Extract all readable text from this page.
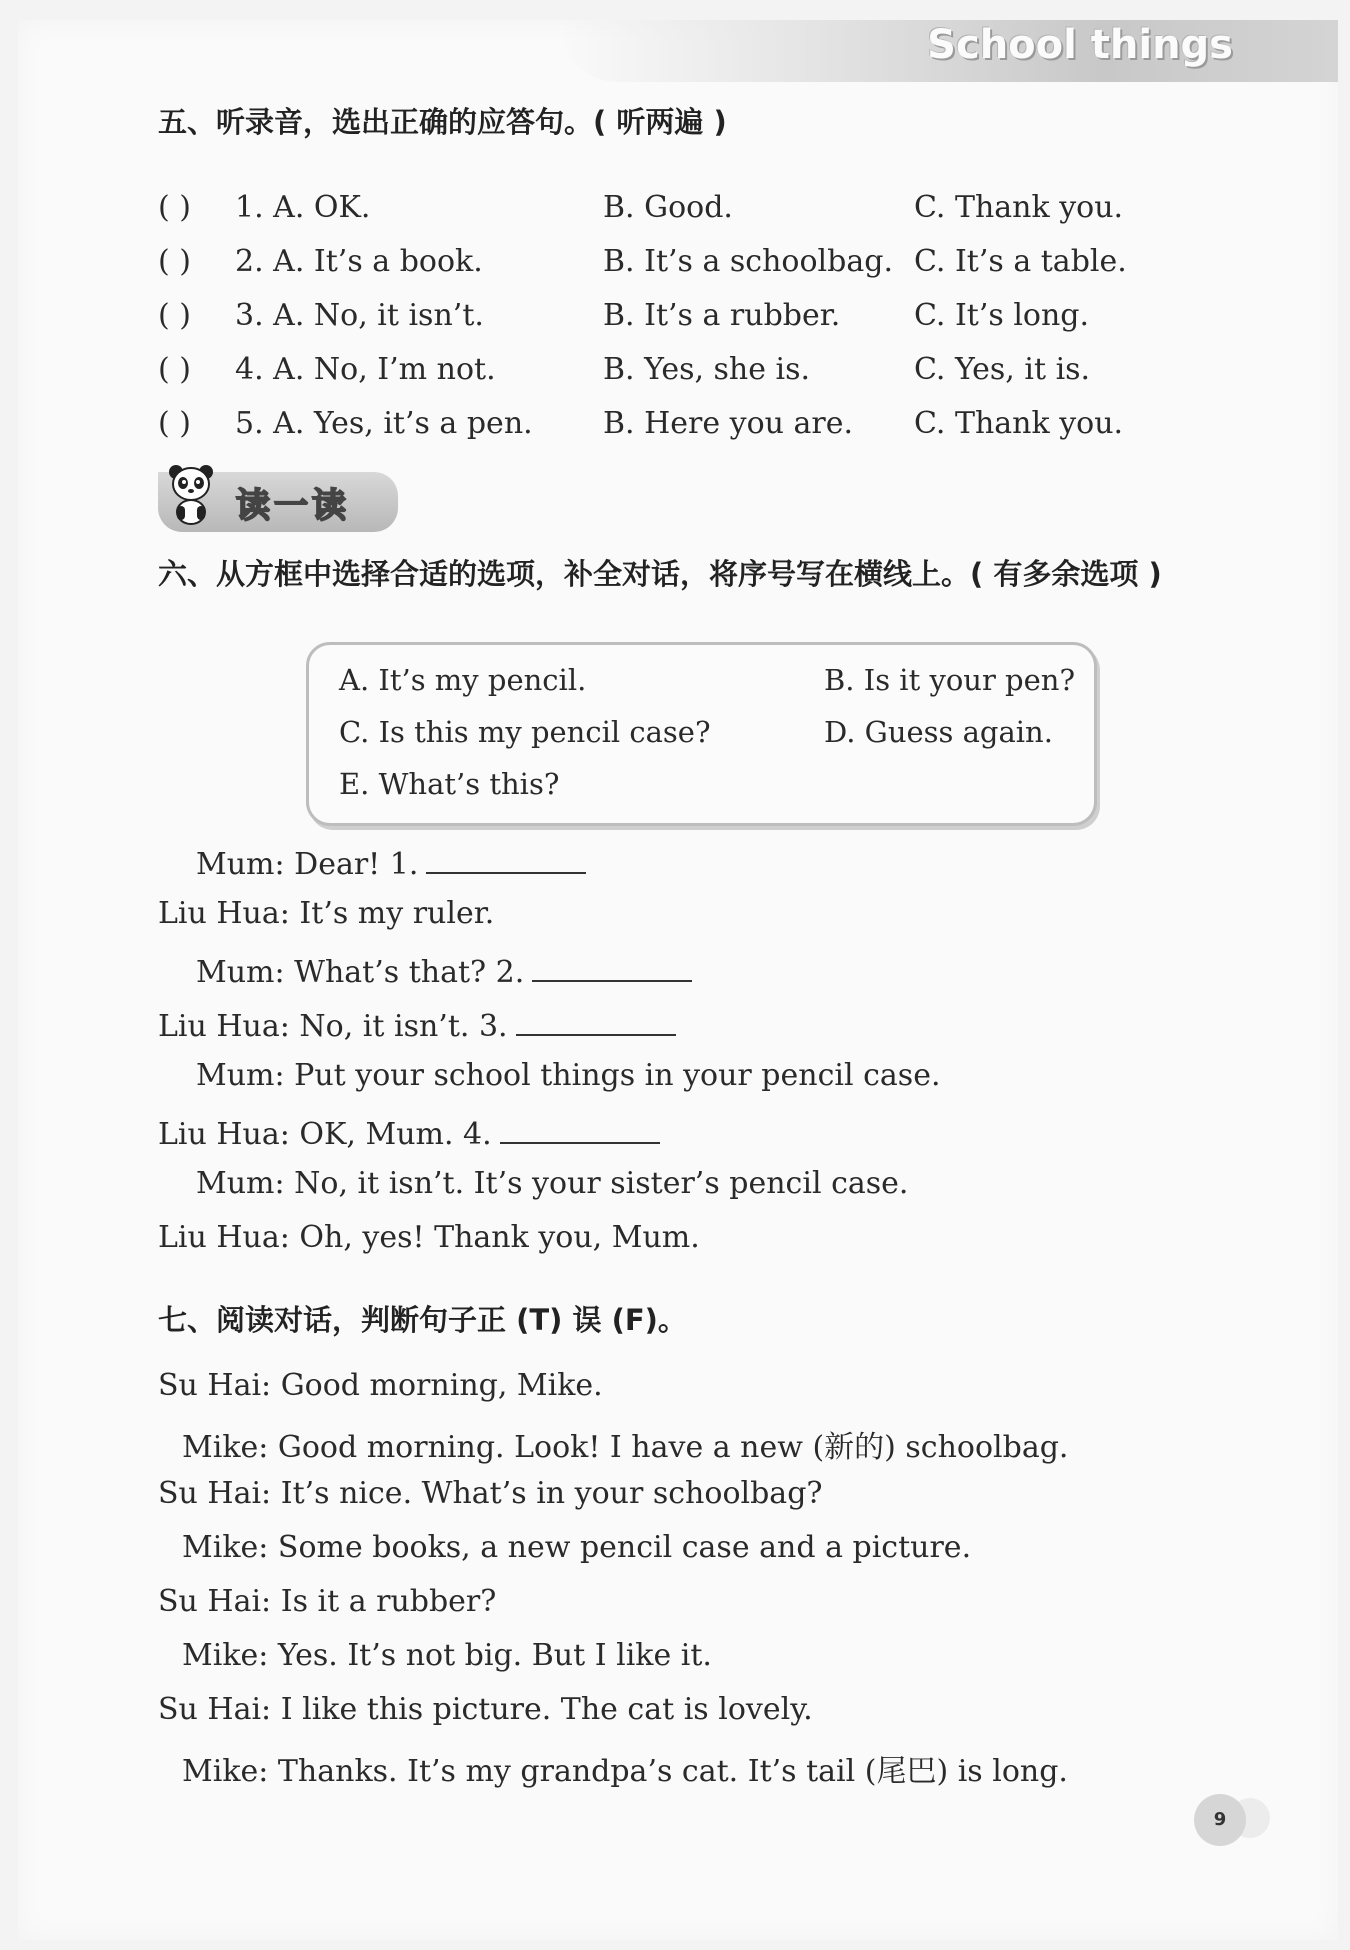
School things
五、听录音，选出正确的应答句。( 听两遍 )
( ) 1. A. OK.	B. Good.	C. Thank you.
( ) 2. A. It’s a book.	B. It’s a schoolbag. C. It’s a table.
( ) 3. A. No, it isn’t.	B. It’s a rubber. C. It’s long.
( ) 4. A. No, I’m not.	B. Yes, she is.	C. Yes, it is.
( ) 5. A. Yes, it’s a pen. B. Here you are. C. Thank you.
读一读
六、从方框中选择合适的选项，补全对话，将序号写在横线上。( 有多余选项 )
A. It’s my pencil.	B. Is it your pen?
C. Is this my pencil case?	D. Guess again.
E. What’s this?
Mum: Dear! 1.
Liu Hua: It’s my ruler.
Mum: What’s that? 2.
Liu Hua: No, it isn’t. 3.
Mum: Put your school things in your pencil case.
Liu Hua: OK, Mum. 4.
Mum: No, it isn’t. It’s your sister’s pencil case.
Liu Hua: Oh, yes! Thank you, Mum.
七、阅读对话，判断句子正 (T) 误 (F)。
Su Hai: Good morning, Mike.
Mike: Good morning. Look! I have a new (新的) schoolbag.
Su Hai: It’s nice. What’s in your schoolbag?
Mike: Some books, a new pencil case and a picture.
Su Hai: Is it a rubber?
Mike: Yes. It’s not big. But I like it.
Su Hai: I like this picture. The cat is lovely.
Mike: Thanks. It’s my grandpa’s cat. It’s tail (尾巴) is long.
9
